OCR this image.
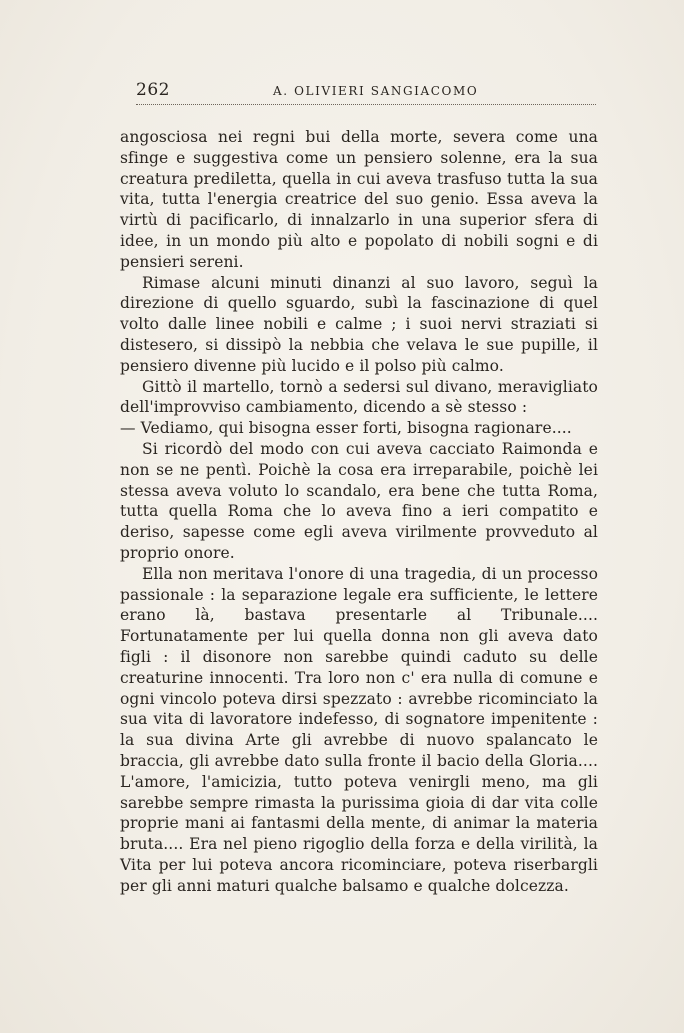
262	A. OLIVIERI SANGIACOMO

angosciosa nei regni bui della morte, severa come una sfinge e suggestiva come un pensiero solenne, era la sua creatura prediletta, quella in cui aveva trasfuso tutta la sua vita, tutta l'energia creatrice del suo genio. Essa aveva la virtù di pacificarlo, di innalzarlo in una superior sfera di idee, in un mondo più alto e popolato di nobili sogni e di pensieri sereni.

Rimase alcuni minuti dinanzi al suo lavoro, seguì la direzione di quello sguardo, subì la fascinazione di quel volto dalle linee nobili e calme ; i suoi nervi straziati si distesero, si dissipò la nebbia che velava le sue pupille, il pensiero divenne più lucido e il polso più calmo.

Gittò il martello, tornò a sedersi sul divano, meravigliato dell'improvviso cambiamento, dicendo a sè stesso :

— Vediamo, qui bisogna esser forti, bisogna ragionare....

Si ricordò del modo con cui aveva cacciato Raimonda e non se ne pentì. Poichè la cosa era irreparabile, poichè lei stessa aveva voluto lo scandalo, era bene che tutta Roma, tutta quella Roma che lo aveva fino a ieri compatito e deriso, sapesse come egli aveva virilmente provveduto al proprio onore.

Ella non meritava l'onore di una tragedia, di un processo passionale : la separazione legale era sufficiente, le lettere erano là, bastava presentarle al Tribunale.... Fortunatamente per lui quella donna non gli aveva dato figli : il disonore non sarebbe quindi caduto su delle creaturine innocenti. Tra loro non c' era nulla di comune e ogni vincolo poteva dirsi spezzato : avrebbe ricominciato la sua vita di lavoratore indefesso, di sognatore impenitente : la sua divina Arte gli avrebbe di nuovo spalancato le braccia, gli avrebbe dato sulla fronte il bacio della Gloria.... L'amore, l'amicizia, tutto poteva venirgli meno, ma gli sarebbe sempre rimasta la purissima gioia di dar vita colle proprie mani ai fantasmi della mente, di animar la materia bruta.... Era nel pieno rigoglio della forza e della virilità, la Vita per lui poteva ancora ricominciare, poteva riserbargli per gli anni maturi qualche balsamo e qualche dolcezza.
